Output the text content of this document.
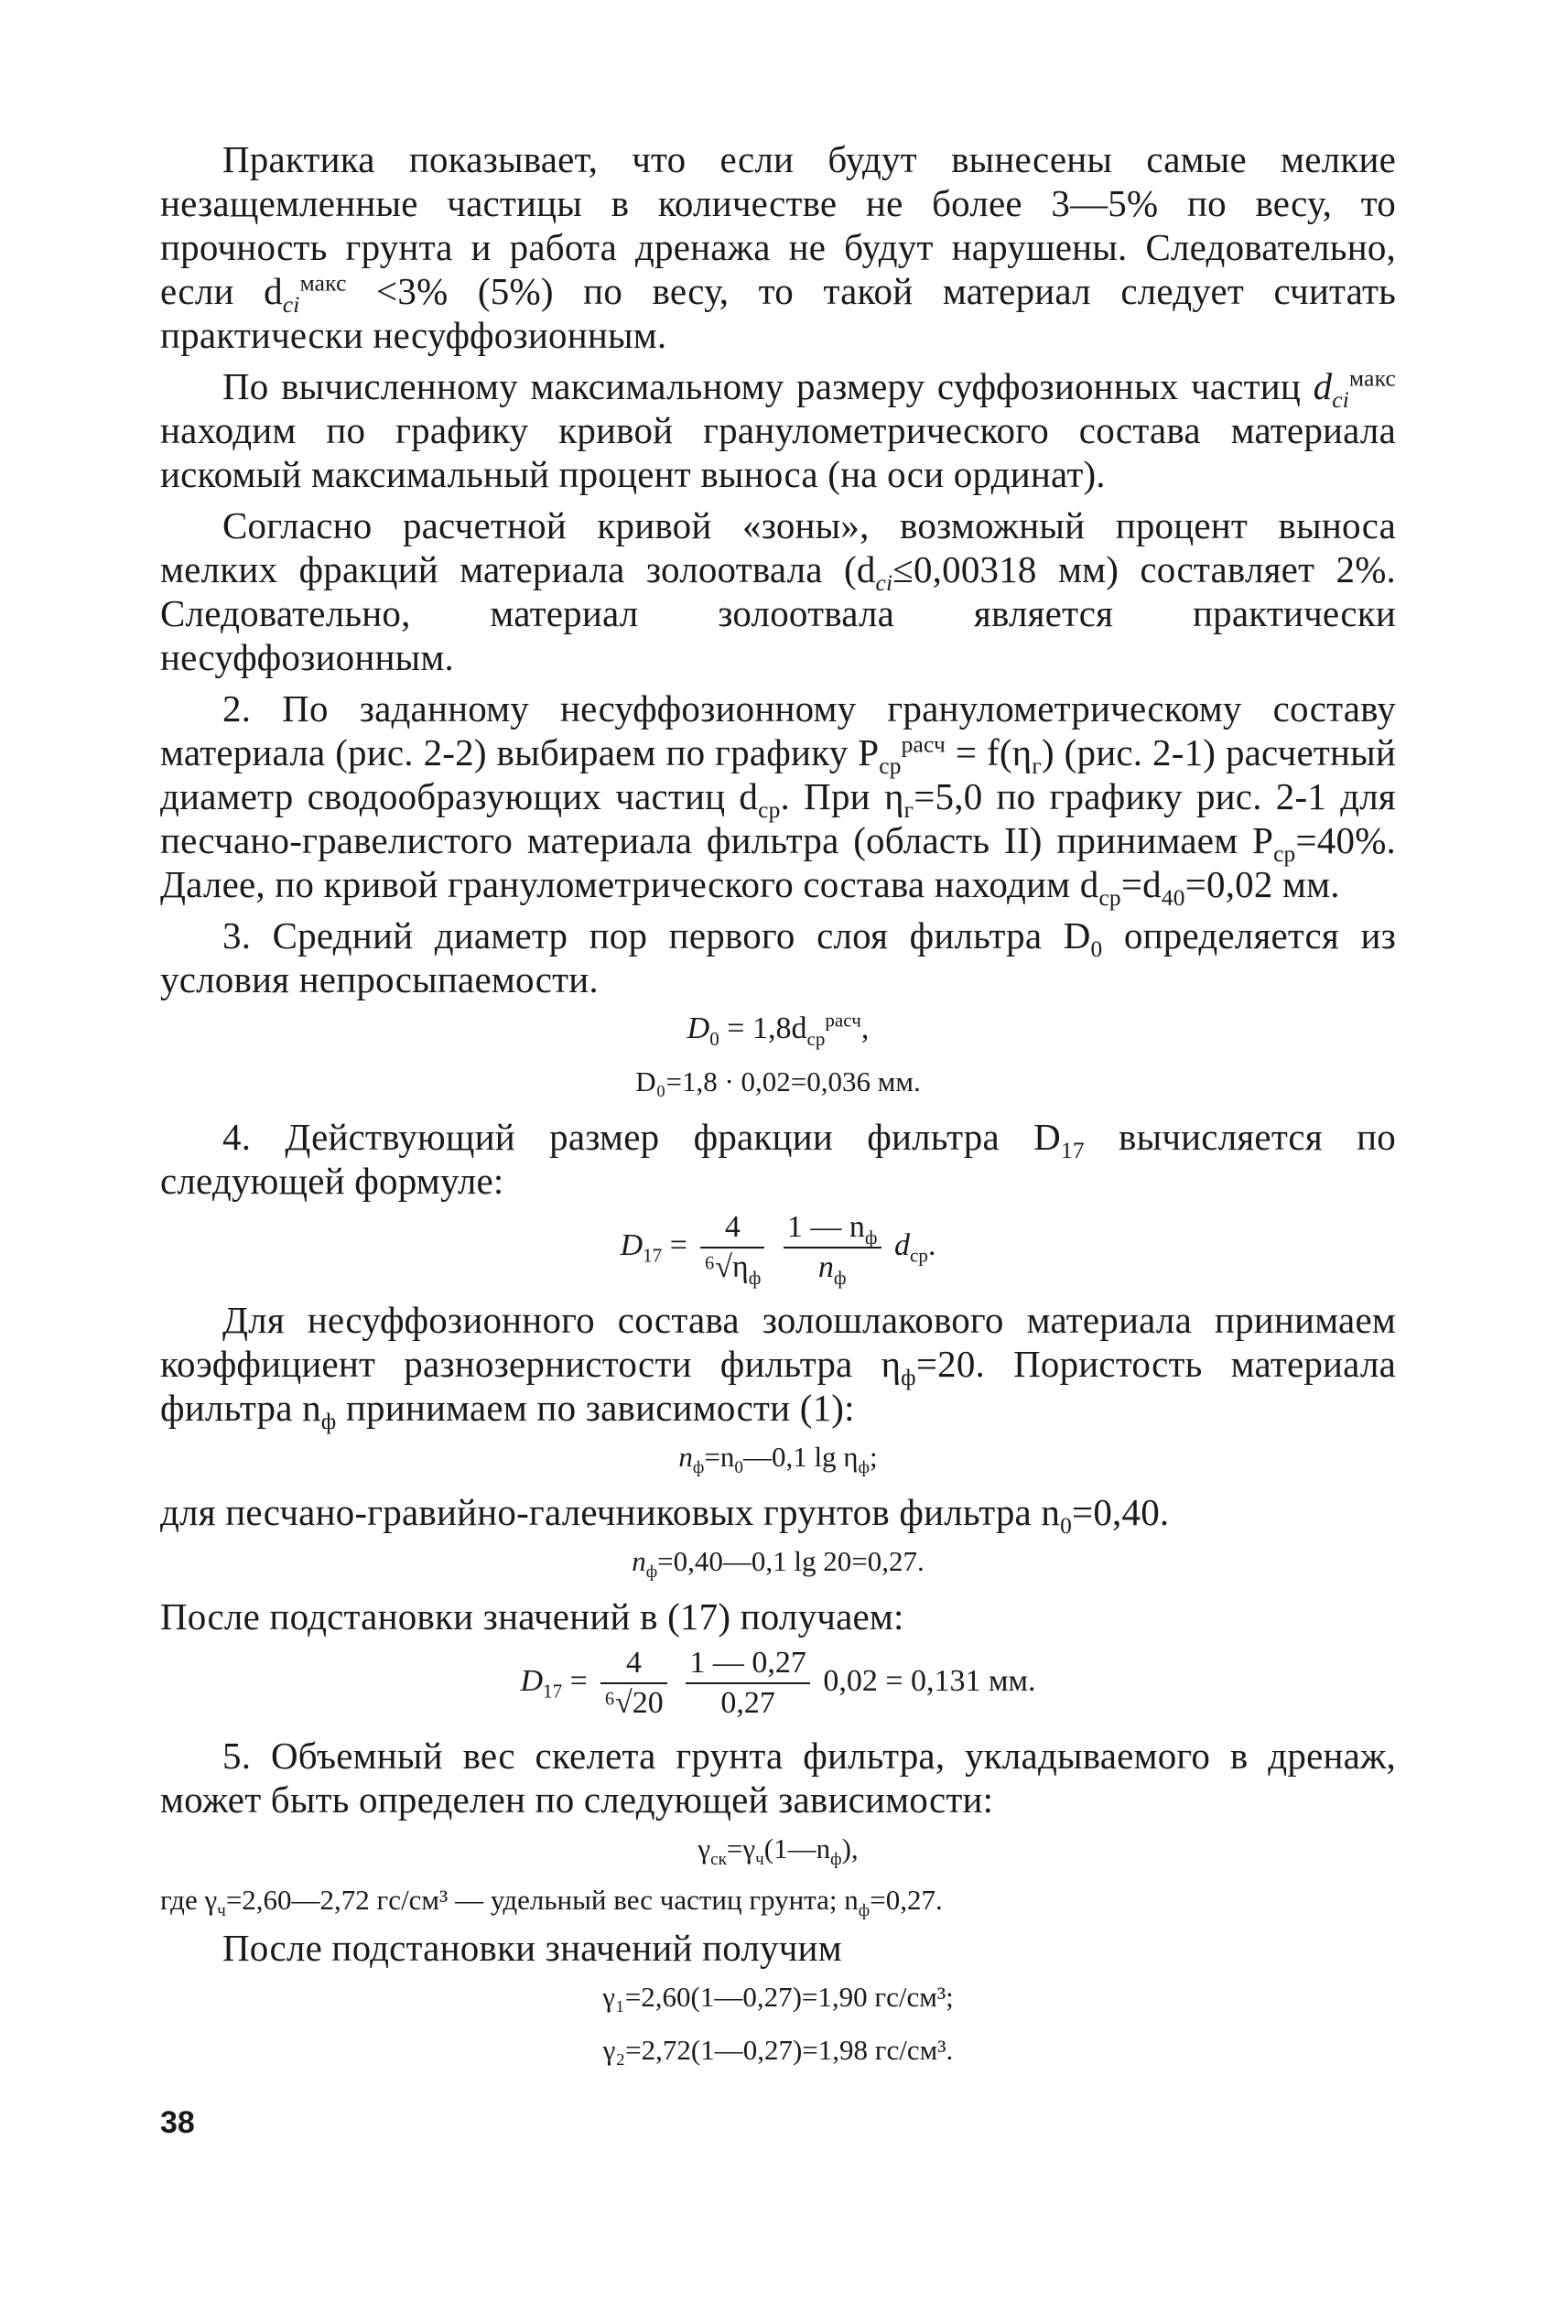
Практика показывает, что если будут вынесены самые мелкие незащемленные частицы в количестве не более 3—5% по весу, то прочность грунта и работа дренажа не будут нарушены. Следовательно, если $d_{ci}^{макс} <3\%$ (5%) по весу, то такой материал следует считать практически несуффозионным.

По вычисленному максимальному размеру суффозионных частиц $d_{ci}^{макс}$ находим по графику кривой гранулометрического состава материала искомый максимальный процент выноса (на оси ординат).

Согласно расчетной кривой «зоны», возможный процент выноса мелких фракций материала золоотвала ($d_{ci}\le 0,00318$ мм) составляет 2%. Следовательно, материал золоотвала является практически несуффозионным.

2. По заданному несуффозионному гранулометрическому составу материала (рис. 2-2) выбираем по графику $P_{ср}^{расч} = f(\eta_г)$ (рис. 2-1) расчетный диаметр сводообразующих частиц $d_{ср}$. При $\eta_г=5,0$ по графику рис. 2-1 для песчано-гравелистого материала фильтра (область II) принимаем $P_{ср}=40\%$. Далее, по кривой гранулометрического состава находим $d_{ср}=d_{40}=0,02$ мм.

3. Средний диаметр пор первого слоя фильтра $D_0$ определяется из условия непросыпаемости.

$D_0 = 1,8d_{ср}^{расч}$,
D₀=1,8 · 0,02=0,036 мм.

4. Действующий размер фракции фильтра $D_{17}$ вычисляется по следующей формуле:

$D_{17} = \frac{4}{^6√\eta_ф}$
$\frac{1 — n_ф}{n_ф} d_{ср}$.

Для несуффозионного состава золошлакового материала принимаем коэффициент разнозернистости фильтра $\eta_ф=20$. Пористость материала фильтра $n_ф$ принимаем по зависимости (1):

$n_ф=n_0—0,1$ $\lg \eta_ф$;

для песчано-гравийно-галечниковых грунтов фильтра $n_0=0,40$.

$n_ф=0,40—0,1$ lg 20=0,27.

После подстановки значений в (17) получаем:

$D_{17} = \frac{4}{\text{⁶√20}}$
$\frac{1 — 0,27}{0,27} 0,02 = 0,131$ мм.

5. Объемный вес скелета грунта фильтра, укладываемого в дренаж, может быть определен по следующей зависимости:

$\gamma_{ск}=\gamma_ч(1—n_ф)$,
где $\gamma_ч=2,60—2,72$ гс/см³ — удельный вес частиц грунта; $n_ф=0,27$.

После подстановки значений получим

γ₁=2,60(1—0,27)=1,90 гс/см³;
γ₂=2,72(1—0,27)=1,98 гс/см³.
38
